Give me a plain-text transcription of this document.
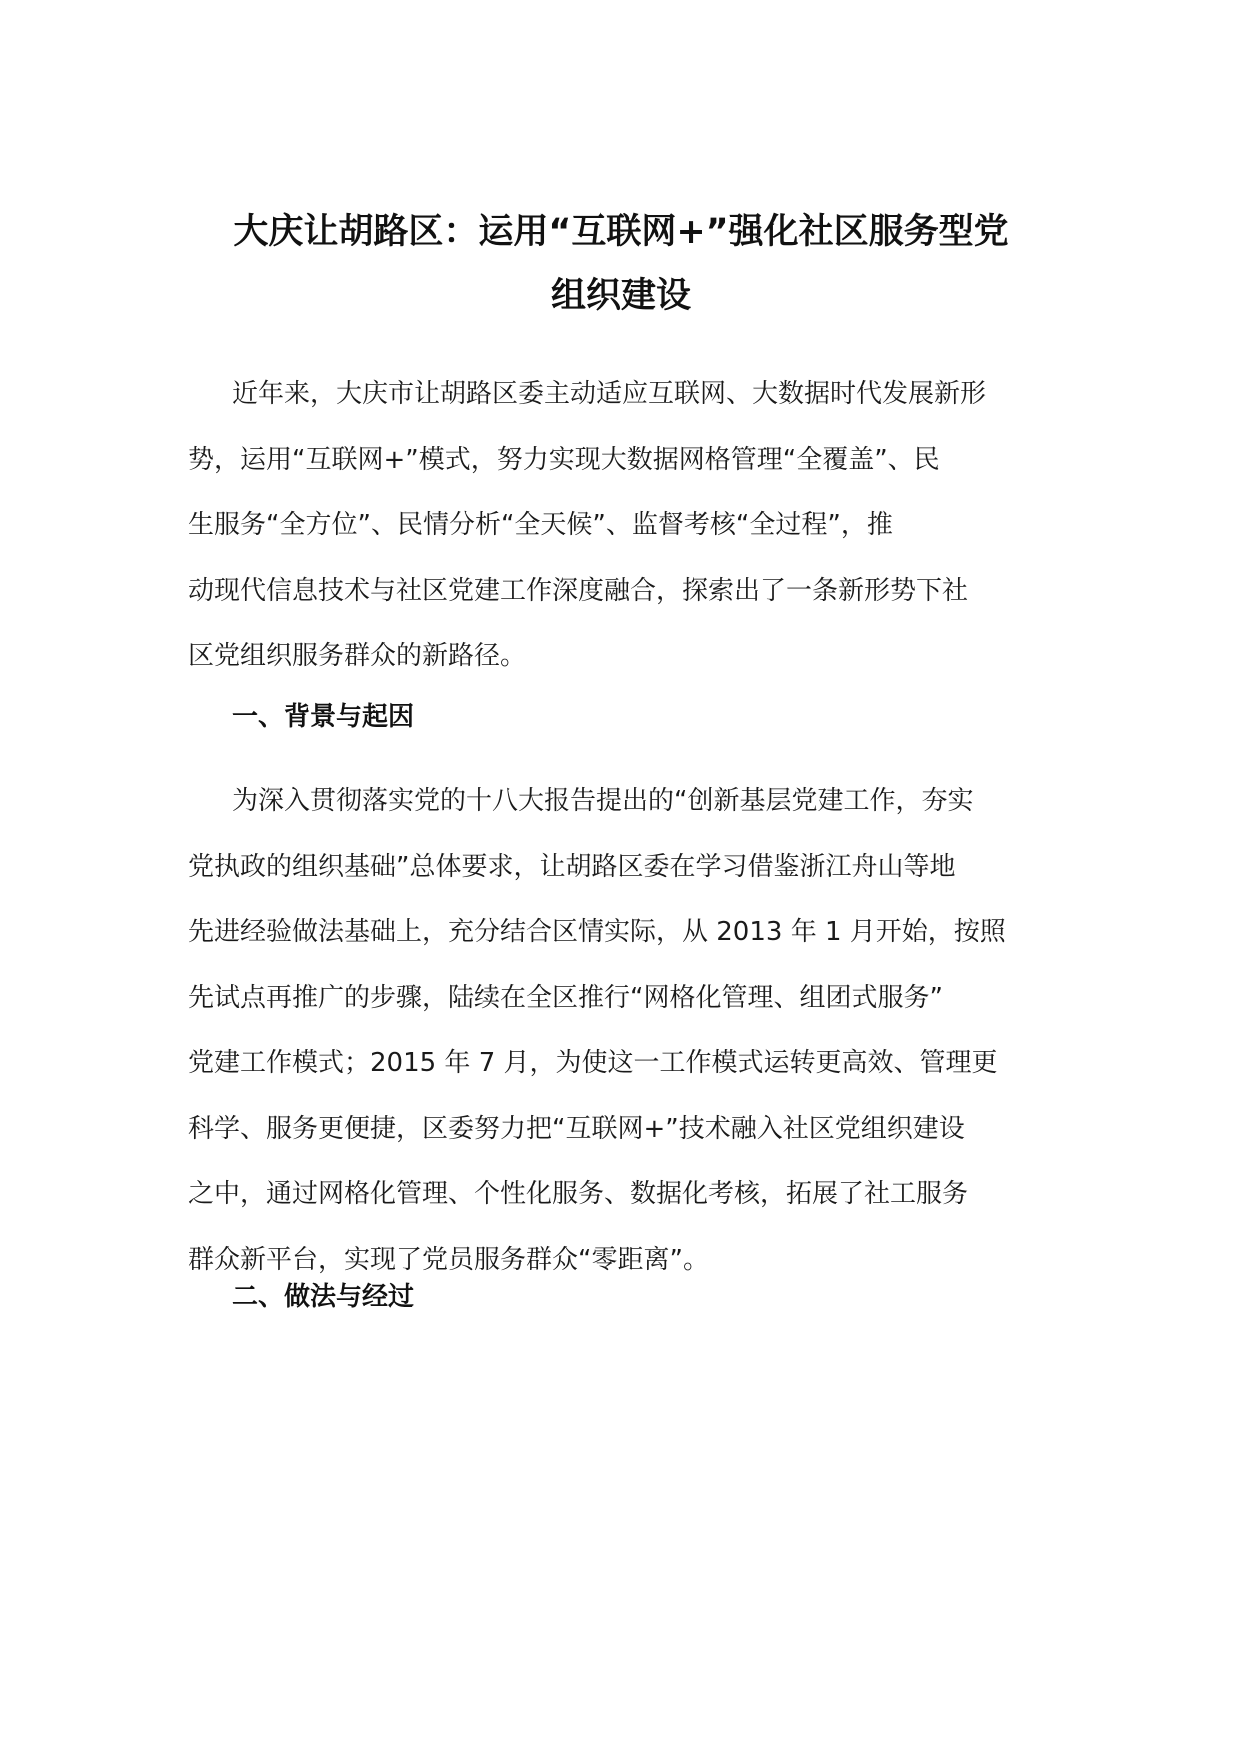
大庆让胡路区：运用“互联网+”强化社区服务型党
组织建设

近年来，大庆市让胡路区委主动适应互联网、大数据时代发展新形
势，运用“互联网+”模式，努力实现大数据网格管理“全覆盖”、民
生服务“全方位”、民情分析“全天候”、监督考核“全过程”，推
动现代信息技术与社区党建工作深度融合，探索出了一条新形势下社
区党组织服务群众的新路径。

一、背景与起因

为深入贯彻落实党的十八大报告提出的“创新基层党建工作，夯实
党执政的组织基础”总体要求，让胡路区委在学习借鉴浙江舟山等地
先进经验做法基础上，充分结合区情实际，从 2013 年 1 月开始，按照
先试点再推广的步骤，陆续在全区推行“网格化管理、组团式服务”
党建工作模式；2015 年 7 月，为使这一工作模式运转更高效、管理更
科学、服务更便捷，区委努力把“互联网+”技术融入社区党组织建设
之中，通过网格化管理、个性化服务、数据化考核，拓展了社工服务
群众新平台，实现了党员服务群众“零距离”。

二、做法与经过
